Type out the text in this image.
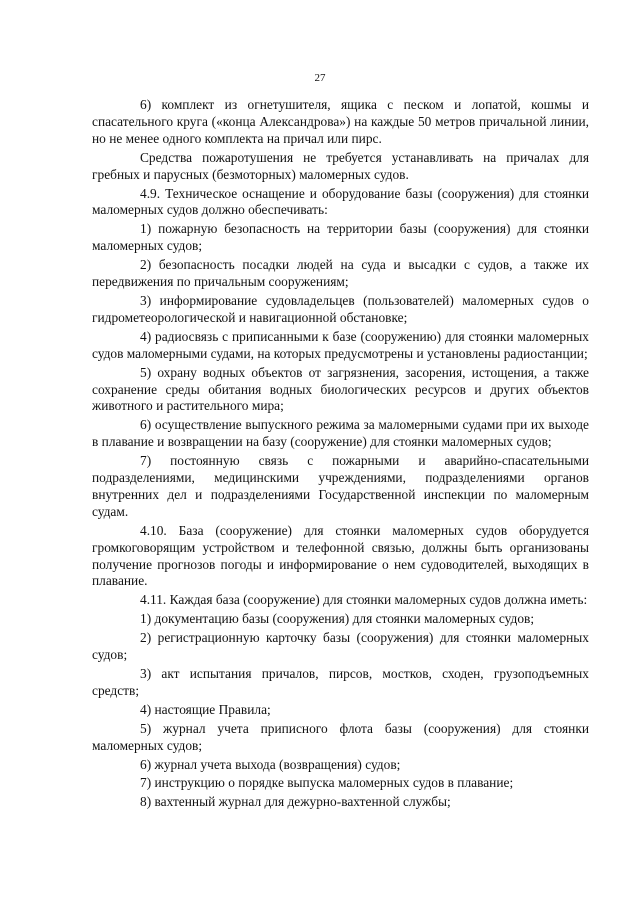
27

6) комплект из огнетушителя, ящика с песком и лопатой, кошмы и спасательного круга («конца Александрова») на каждые 50 метров причальной линии, но не менее одного комплекта на причал или пирс.

Средства пожаротушения не требуется устанавливать на причалах для гребных и парусных (безмоторных) маломерных судов.

4.9. Техническое оснащение и оборудование базы (сооружения) для стоянки маломерных судов должно обеспечивать:

1) пожарную безопасность на территории базы (сооружения) для стоянки маломерных судов;

2) безопасность посадки людей на суда и высадки с судов, а также их передвижения по причальным сооружениям;

3) информирование судовладельцев (пользователей) маломерных судов о гидрометеорологической и навигационной обстановке;

4) радиосвязь с приписанными к базе (сооружению) для стоянки маломерных судов маломерными судами, на которых предусмотрены и установлены радиостанции;

5) охрану водных объектов от загрязнения, засорения, истощения, а также сохранение среды обитания водных биологических ресурсов и других объектов животного и растительного мира;

6) осуществление выпускного режима за маломерными судами при их выходе в плавание и возвращении на базу (сооружение) для стоянки маломерных судов;

7) постоянную связь с пожарными и аварийно-спасательными подразделениями, медицинскими учреждениями, подразделениями органов внутренних дел и подразделениями Государственной инспекции по маломерным судам.

4.10. База (сооружение) для стоянки маломерных судов оборудуется громкоговорящим устройством и телефонной связью, должны быть организованы получение прогнозов погоды и информирование о нем судоводителей, выходящих в плавание.

4.11. Каждая база (сооружение) для стоянки маломерных судов должна иметь:

1) документацию базы (сооружения) для стоянки маломерных судов;

2) регистрационную карточку базы (сооружения) для стоянки маломерных судов;

3) акт испытания причалов, пирсов, мостков, сходен, грузоподъемных средств;

4) настоящие Правила;

5) журнал учета приписного флота базы (сооружения) для стоянки маломерных судов;

6) журнал учета выхода (возвращения) судов;

7) инструкцию о порядке выпуска маломерных судов в плавание;

8) вахтенный журнал для дежурно-вахтенной службы;
